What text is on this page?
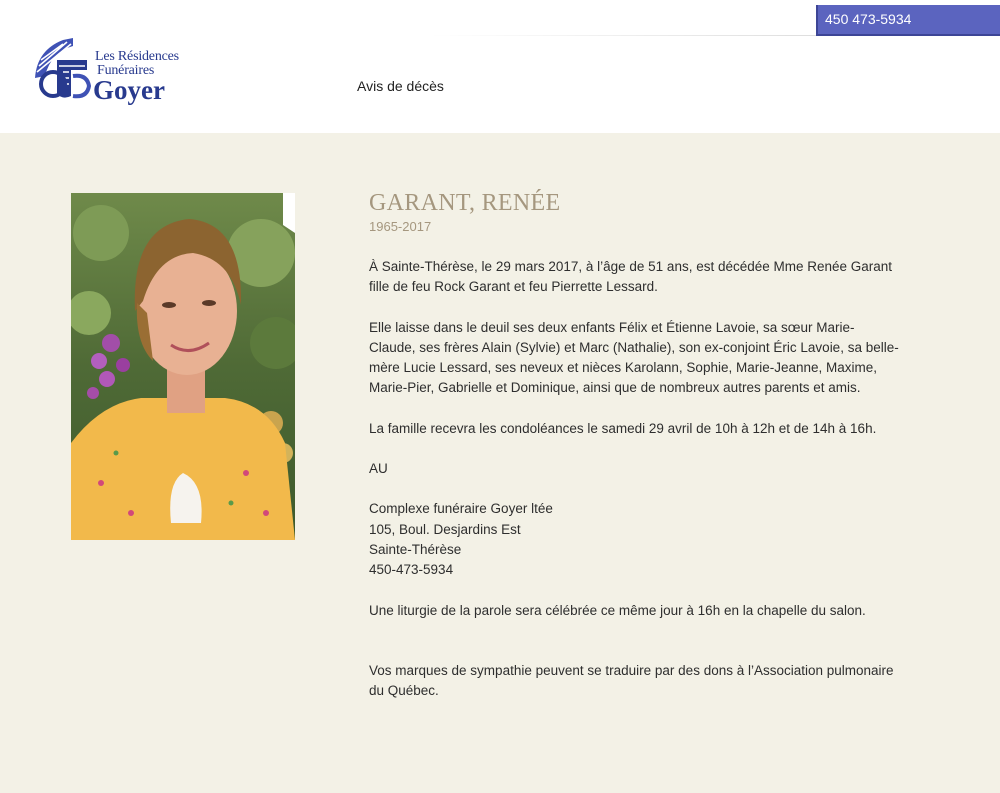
450 473-5934
Les Résidences
Funéraires
Goyer	Avis de décès
GARANT, RENÉE
1965-2017

À Sainte-Thérèse, le 29 mars 2017, à l’âge de 51 ans, est décédée Mme Renée Garant fille de feu Rock Garant et feu Pierrette Lessard.

Elle laisse dans le deuil ses deux enfants Félix et Étienne Lavoie, sa sœur Marie-Claude, ses frères Alain (Sylvie) et Marc (Nathalie), son ex-conjoint Éric Lavoie, sa belle-mère Lucie Lessard, ses neveux et nièces Karolann, Sophie, Marie-Jeanne, Maxime, Marie-Pier, Gabrielle et Dominique, ainsi que de nombreux autres parents et amis.

La famille recevra les condoléances le samedi 29 avril de 10h à 12h et de 14h à 16h.

AU

Complexe funéraire Goyer ltée

105, Boul. Desjardins Est

Sainte-Thérèse

450-473-5934

Une liturgie de la parole sera célébrée ce même jour à 16h en la chapelle du salon.

Vos marques de sympathie peuvent se traduire par des dons à l’Association pulmonaire du Québec.
